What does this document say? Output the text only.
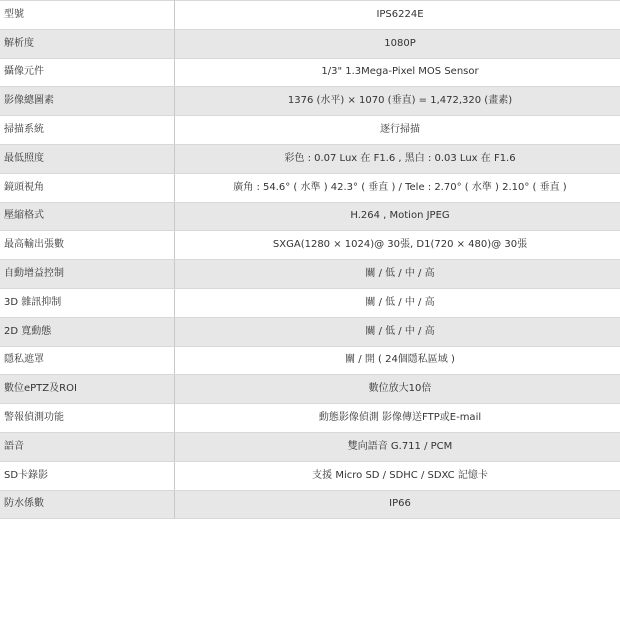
型號	IPS6224E
解析度	1080P
攝像元件	1/3" 1.3Mega-Pixel MOS Sensor
影像總圖素	1376 (水平) × 1070 (垂直) = 1,472,320 (畫素)
掃描系統	逐行掃描
最低照度	彩色 : 0.07 Lux 在 F1.6 , 黑白 : 0.03 Lux 在 F1.6
鏡頭視角	廣角 : 54.6° ( 水準 ) 42.3° ( 垂直 ) / Tele : 2.70° ( 水準 ) 2.10° ( 垂直 )
壓縮格式	H.264 , Motion JPEG
最高輸出張數	SXGA(1280 × 1024)@ 30張, D1(720 × 480)@ 30張
自動增益控制	關 / 低 / 中 / 高
3D 雜訊抑制	關 / 低 / 中 / 高
2D 寬動態	關 / 低 / 中 / 高
隱私遮罩	關 / 開 ( 24個隱私區域 )
數位ePTZ及ROI	數位放大10倍
警報偵測功能	動態影像偵測 影像傳送FTP或E-mail
語音	雙向語音 G.711 / PCM
SD卡錄影	支援 Micro SD / SDHC / SDXC 記憶卡
防水係數	IP66
